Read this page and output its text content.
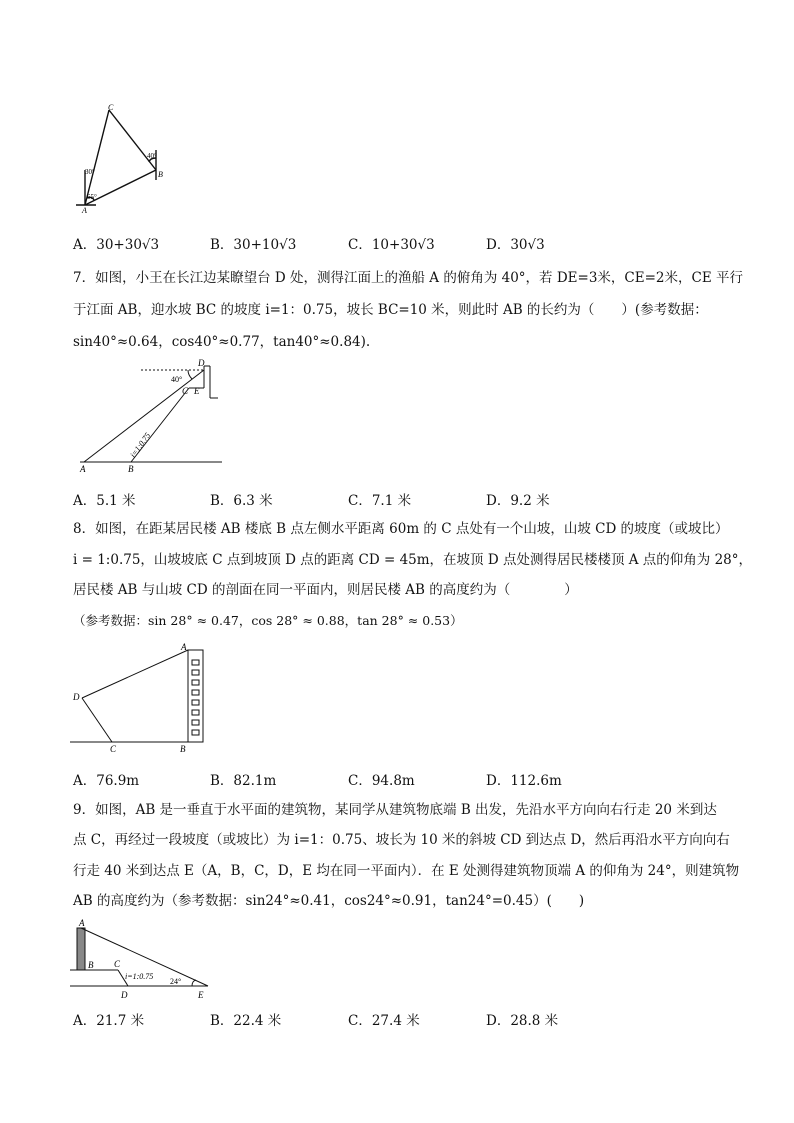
C
A
B
30°
65°
40°
A．30+30√3	B．30+10√3	C．10+30√3	D．30√3
7．如图，小王在长江边某瞭望台 D 处，测得江面上的渔船 A 的俯角为 40°，若 DE=3米，CE=2米，CE 平行
于江面 AB，迎水坡 BC 的坡度 i=1：0.75，坡长 BC=10 米，则此时 AB 的长约为（　　）(参考数据：
sin40°≈0.64，cos40°≈0.77，tan40°≈0.84).
D
C E
A	B
40°
i=1:0.75
A．5.1 米	B．6.3 米	C．7.1 米	D．9.2 米
8．如图，在距某居民楼 AB 楼底 B 点左侧水平距离 60m 的 C 点处有一个山坡，山坡 CD 的坡度（或坡比）
i = 1:0.75，山坡坡底 C 点到坡顶 D 点的距离 CD = 45m，在坡顶 D 点处测得居民楼楼顶 A 点的仰角为 28°，
居民楼 AB 与山坡 CD 的剖面在同一平面内，则居民楼 AB 的高度约为（　　　　）
（参考数据：sin 28° ≈ 0.47，cos 28° ≈ 0.88，tan 28° ≈ 0.53）
A
D
C	B
A．76.9m	B．82.1m	C．94.8m	D．112.6m
9．如图，AB 是一垂直于水平面的建筑物，某同学从建筑物底端 B 出发，先沿水平方向向右行走 20 米到达
点 C，再经过一段坡度（或坡比）为 i=1：0.75、坡长为 10 米的斜坡 CD 到达点 D，然后再沿水平方向向右
行走 40 米到达点 E（A，B，C，D，E 均在同一平面内）．在 E 处测得建筑物顶端 A 的仰角为 24°，则建筑物
AB 的高度约为（参考数据：sin24°≈0.41，cos24°≈0.91，tan24°=0.45）(　　)
A
B C
D	E
i=1:0.75
24°
A．21.7 米	B．22.4 米	C．27.4 米	D．28.8 米
